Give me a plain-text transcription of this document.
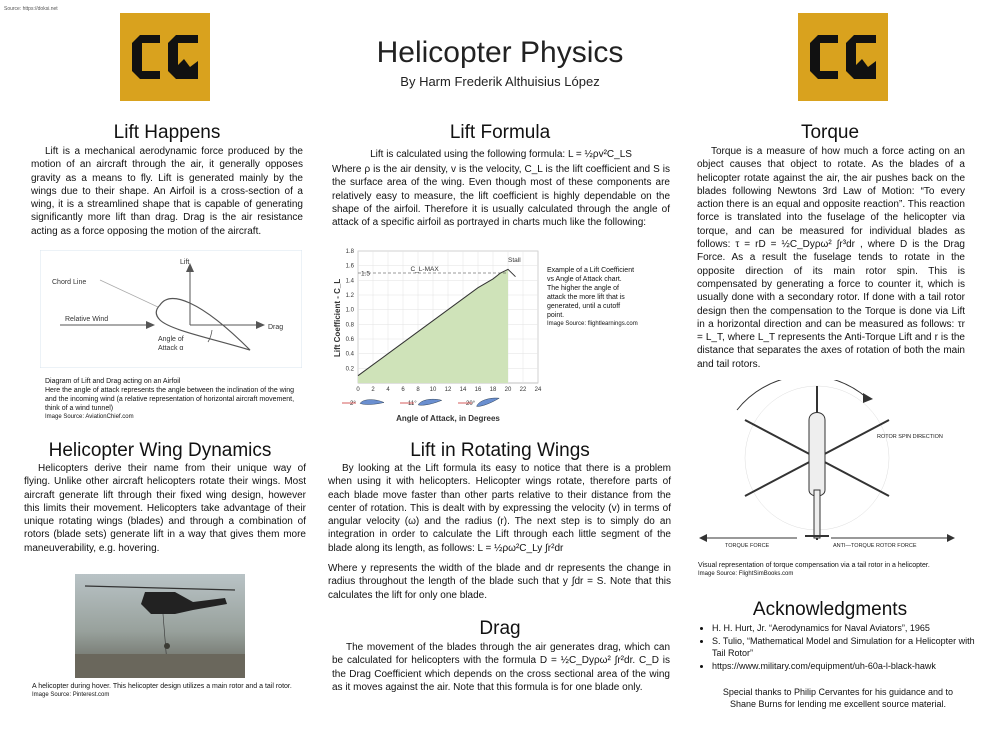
Source: https://doksi.net
Helicopter Physics
By Harm Frederik Althuisius López
Lift Happens
Lift is a mechanical aerodynamic force produced by the motion of an aircraft through the air, it generally opposes gravity as a means to fly. Lift is generated mainly by the wings due to their shape. An Airfoil is a cross-section of a wing, it is a streamlined shape that is capable of generating significantly more lift than drag. Drag is the air resistance acting as a force opposing the motion of the aircraft.
Lift
Chord Line
Relative Wind
Drag
Angle of
Attack α
Diagram of Lift and Drag acting on an Airfoil
Here the angle of attack represents the angle between the inclination of the wing and the incoming wind (a relative representation of horizontal aircraft movement, think of a wind tunnel)
Image Source: AviationChief.com
Helicopter Wing Dynamics
Helicopters derive their name from their unique way of flying. Unlike other aircraft helicopters rotate their wings. Most aircraft generate lift through their fixed wing design, however this limits their movement. Helicopters take advantage of their unique rotating wings (blades) and through a combination of rotors (blade sets) generate lift in a way that gives them more maneuverability, e.g. hovering.
A helicopter during hover. This helicopter design utilizes a main rotor and a tail rotor.
Image Source: Pinterest.com
Lift Formula
Lift is calculated using the following formula: L = ½ρv²C_LS
Where ρ is the air density, v is the velocity, C_L is the lift coefficient and S is the surface area of the wing. Even though most of these components are relatively easy to measure, the lift coefficient is highly dependable on the shape of the airfoil. Therefore it is usually calculated through the angle of attack of a specific airfoil as portrayed in charts much like the following:
0.2
0.4
0.6
0.8
1.0
1.2
1.4
1.6
1.8
0 2 4 6 8 10 12 14 16 18 20 22 24
Lift Coefficient - C_L
Angle of Attack, in Degrees
C_L-MAX
1.5
Stall
2°	11°	20°
Example of a Lift Coefficient vs Angle of Attack chart.
The higher the angle of attack the more lift that is generated, until a cutoff point.
Image Source: flightlearnings.com
Lift in Rotating Wings
By looking at the Lift formula its easy to notice that there is a problem when using it with helicopters. Helicopter wings rotate, therefore parts of each blade move faster than other parts relative to their distance from the center of rotation. This is dealt with by expressing the velocity (v) in terms of angular velocity (ω) and the radius (r). The next step is to simply do an integration in order to calculate the Lift through each little segment of the blade along its length, as follows: L = ½ρω²C_Ly ∫r²dr
Where y represents the width of the blade and dr represents the change in radius throughout the length of the blade such that y ∫dr = S. Note that this calculates the lift for only one blade.
Drag
The movement of the blades through the air generates drag, which can be calculated for helicopters with the formula D = ½C_Dyρω² ∫r²dr. C_D is the Drag Coefficient which depends on the cross sectional area of the wing as it moves against the air. Note that this formula is for one blade only.
Torque
Torque is a measure of how much a force acting on an object causes that object to rotate. As the blades of a helicopter rotate against the air, the air pushes back on the blades following Newtons 3rd Law of Motion: “To every action there is an equal and opposite reaction”. This reaction force is translated into the fuselage of the helicopter via torque, and can be measured for individual blades as follows: τ = rD = ½C_Dyρω² ∫r³dr , where D is the Drag Force. As a result the fuselage tends to rotate in the opposite direction of its main rotor spin. This is compensated by generating a force to counter it, which is usually done with a secondary rotor. If done with a tail rotor design then the compensation to the Torque is done via Lift in a horizontal direction and can be measured as follows: τr = L_T, where L_T represents the Anti-Torque Lift and r is the distance that separates the axes of rotation of both the main and tail rotors.
ROTOR SPIN DIRECTION
TORQUE FORCE	ANTI—TORQUE ROTOR FORCE
Visual representation of torque compensation via a tail rotor in a helicopter.
Image Source: FlightSimBooks.com
Acknowledgments
• H. H. Hurt, Jr. “Aerodynamics for Naval Aviators”, 1965
• S. Tulio, “Mathematical Model and Simulation for a Helicopter with Tail Rotor”
• https://www.military.com/equipment/uh-60a-l-black-hawk
Special thanks to Philip Cervantes for his guidance and to Shane Burns for lending me excellent source material.
